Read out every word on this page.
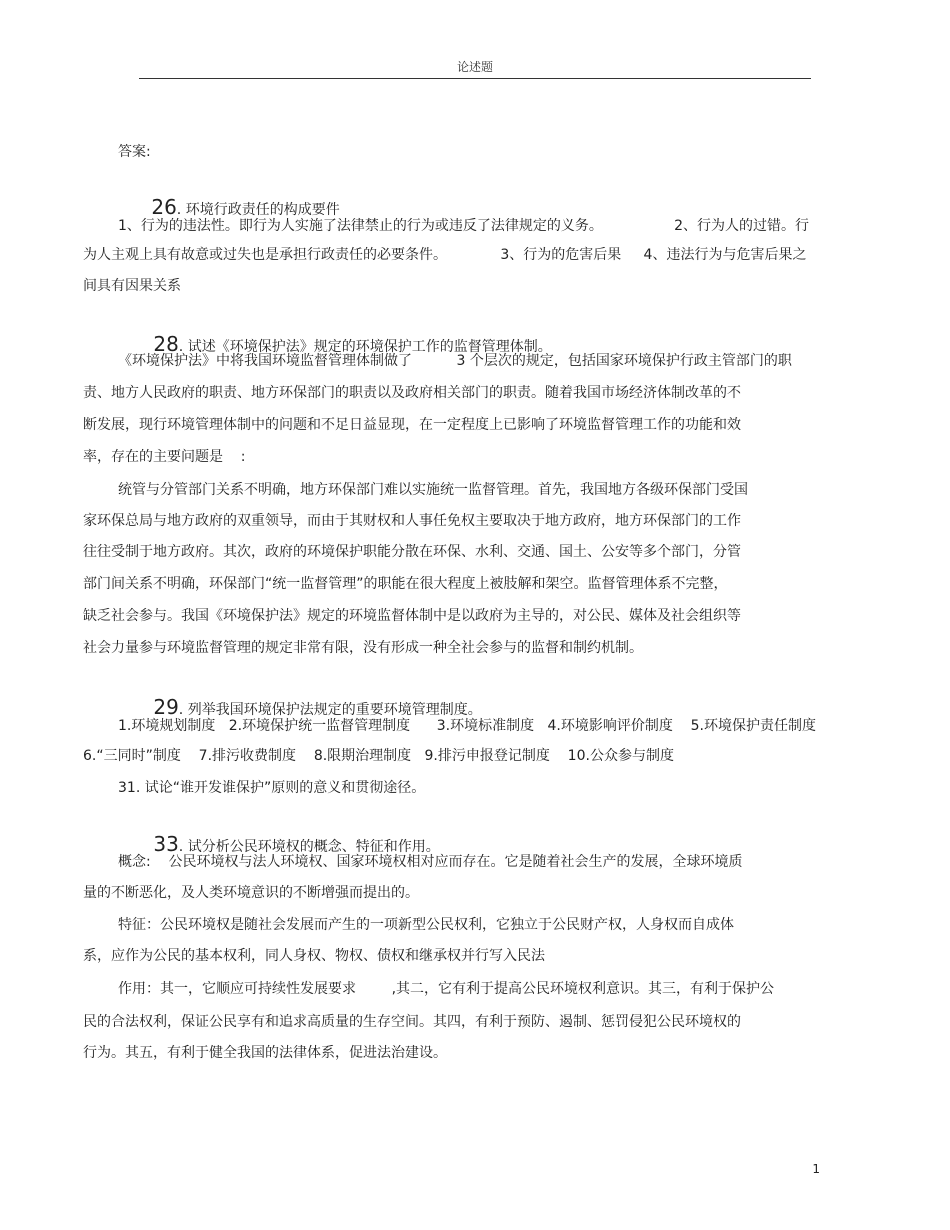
论述题
答案:

26. 环境行政责任的构成要件

1、行为的违法性。即行为人实施了法律禁止的行为或违反了法律规定的义务。                2、行为人的过错。行
为人主观上具有故意或过失也是承担行政责任的必要条件。            3、行为的危害后果     4、违法行为与危害后果之
间具有因果关系

28. 试述《环境保护法》规定的环境保护工作的监督管理体制。

《环境保护法》中将我国环境监督管理体制做了          3 个层次的规定，包括国家环境保护行政主管部门的职
责、地方人民政府的职责、地方环保部门的职责以及政府相关部门的职责。随着我国市场经济体制改革的不
断发展，现行环境管理体制中的问题和不足日益显现，在一定程度上已影响了环境监督管理工作的功能和效
率，存在的主要问题是    :
统管与分管部门关系不明确，地方环保部门难以实施统一监督管理。首先，我国地方各级环保部门受国
家环保总局与地方政府的双重领导，而由于其财权和人事任免权主要取决于地方政府，地方环保部门的工作
往往受制于地方政府。其次，政府的环境保护职能分散在环保、水利、交通、国土、公安等多个部门，分管
部门间关系不明确，环保部门“统一监督管理”的职能在很大程度上被肢解和架空。监督管理体系不完整，
缺乏社会参与。我国《环境保护法》规定的环境监督体制中是以政府为主导的，对公民、媒体及社会组织等
社会力量参与环境监督管理的规定非常有限，没有形成一种全社会参与的监督和制约机制。

29. 列举我国环境保护法规定的重要环境管理制度。

1.环境规划制度   2.环境保护统一监督管理制度      3.环境标准制度   4.环境影响评价制度    5.环境保护责任制度
6.“三同时”制度    7.排污收费制度    8.限期治理制度   9.排污申报登记制度    10.公众参与制度
31. 试论“谁开发谁保护”原则的意义和贯彻途径。

33. 试分析公民环境权的概念、特征和作用。

概念:    公民环境权与法人环境权、国家环境权相对应而存在。它是随着社会生产的发展，全球环境质
量的不断恶化，及人类环境意识的不断增强而提出的。
特征：公民环境权是随社会发展而产生的一项新型公民权利，它独立于公民财产权，人身权而自成体
系，应作为公民的基本权利，同人身权、物权、债权和继承权并行写入民法
作用：其一，它顺应可持续性发展要求        ,其二，它有利于提高公民环境权利意识。其三，有利于保护公
民的合法权利，保证公民享有和追求高质量的生存空间。其四，有利于预防、遏制、惩罚侵犯公民环境权的
行为。其五，有利于健全我国的法律体系，促进法治建设。
1
